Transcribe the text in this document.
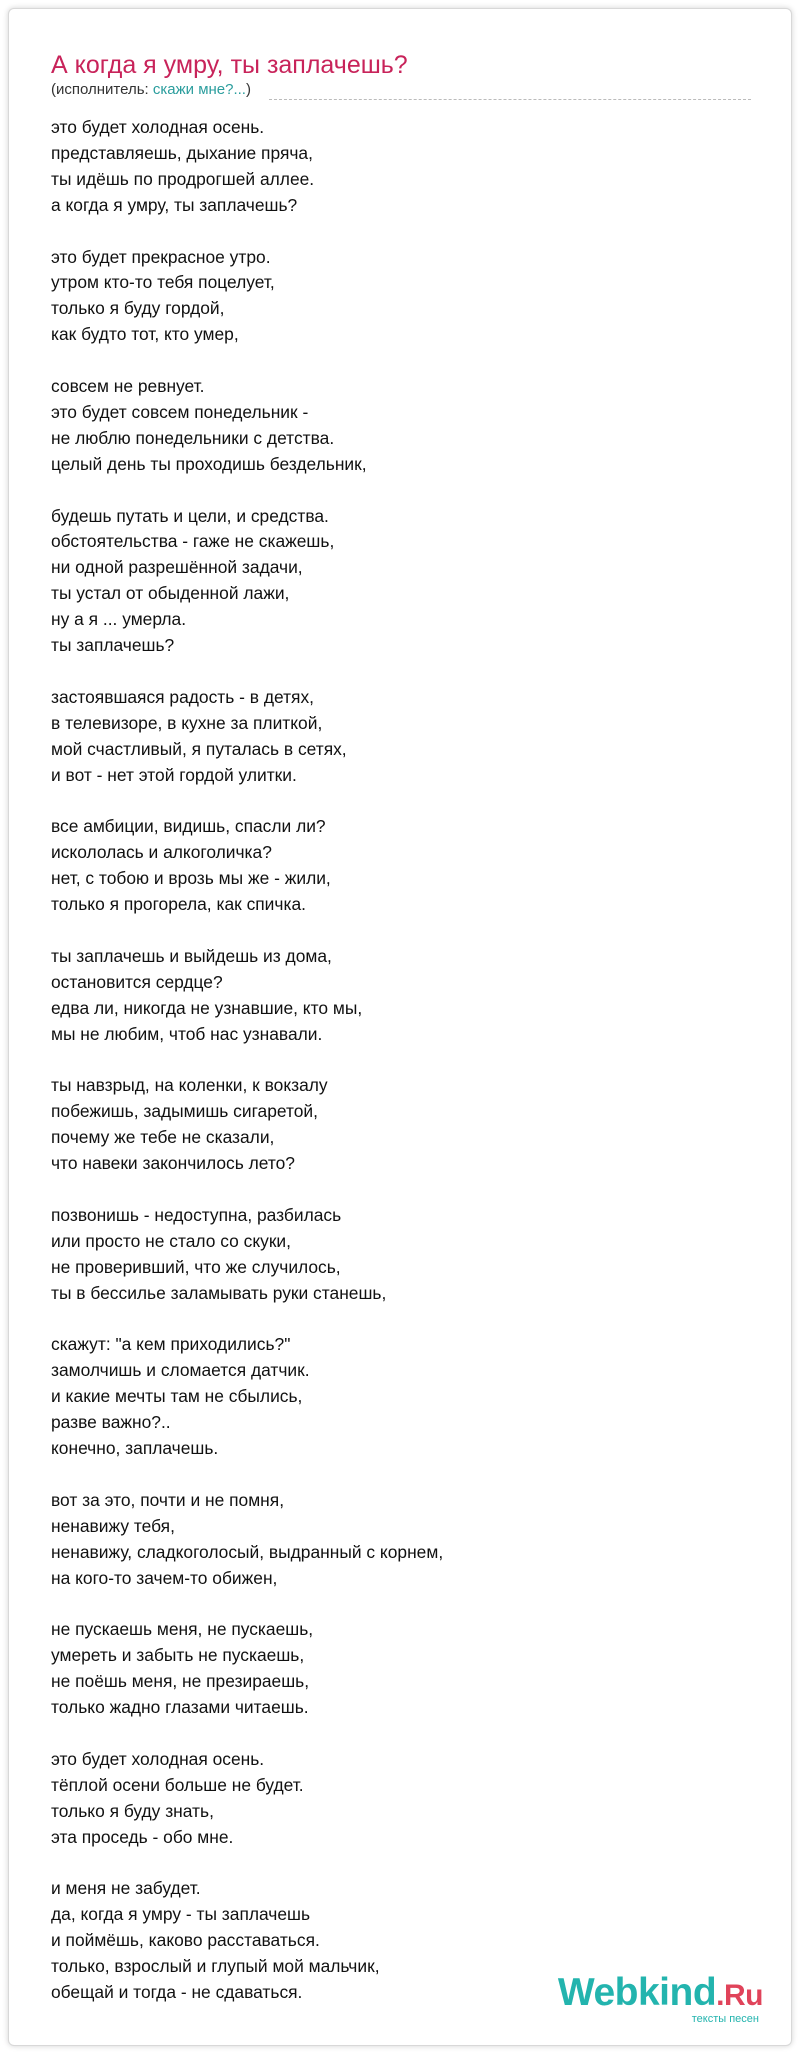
А когда я умру, ты заплачешь?
(исполнитель: скажи мне?...)
это будет холодная осень.
представляешь, дыхание пряча,
ты идёшь по продрогшей аллее.
а когда я умру, ты заплачешь?
это будет прекрасное утро.
утром кто-то тебя поцелует,
только я буду гордой,
как будто тот, кто умер,
совсем не ревнует.
это будет совсем понедельник -
не люблю понедельники с детства.
целый день ты проходишь бездельник,
будешь путать и цели, и средства.
обстоятельства - гаже не скажешь,
ни одной разрешённой задачи,
ты устал от обыденной лажи,
ну а я ... умерла.
ты заплачешь?
застоявшаяся радость - в детях,
в телевизоре, в кухне за плиткой,
мой счастливый, я путалась в сетях,
и вот - нет этой гордой улитки.
все амбиции, видишь, спасли ли?
искололась и алкоголичка?
нет, с тобою и врозь мы же - жили,
только я прогорела, как спичка.
ты заплачешь и выйдешь из дома,
остановится сердце?
едва ли, никогда не узнавшие, кто мы,
мы не любим, чтоб нас узнавали.
ты навзрыд, на коленки, к вокзалу
побежишь, задымишь сигаретой,
почему же тебе не сказали,
что навеки закончилось лето?
позвонишь - недоступна, разбилась
или просто не стало со скуки,
не проверивший, что же случилось,
ты в бессилье заламывать руки станешь,
скажут: "а кем приходились?"
замолчишь и сломается датчик.
и какие мечты там не сбылись,
разве важно?..
конечно, заплачешь.
вот за это, почти и не помня,
ненавижу тебя,
ненавижу, сладкоголосый, выдранный с корнем,
на кого-то зачем-то обижен,
не пускаешь меня, не пускаешь,
умереть и забыть не пускаешь,
не поёшь меня, не презираешь,
только жадно глазами читаешь.
это будет холодная осень.
тёплой осени больше не будет.
только я буду знать,
эта проседь - обо мне.
и меня не забудет.
да, когда я умру - ты заплачешь
и поймёшь, каково расставаться.
только, взрослый и глупый мой мальчик,
обещай и тогда - не сдаваться.	Webkind.Ru
тексты песен
